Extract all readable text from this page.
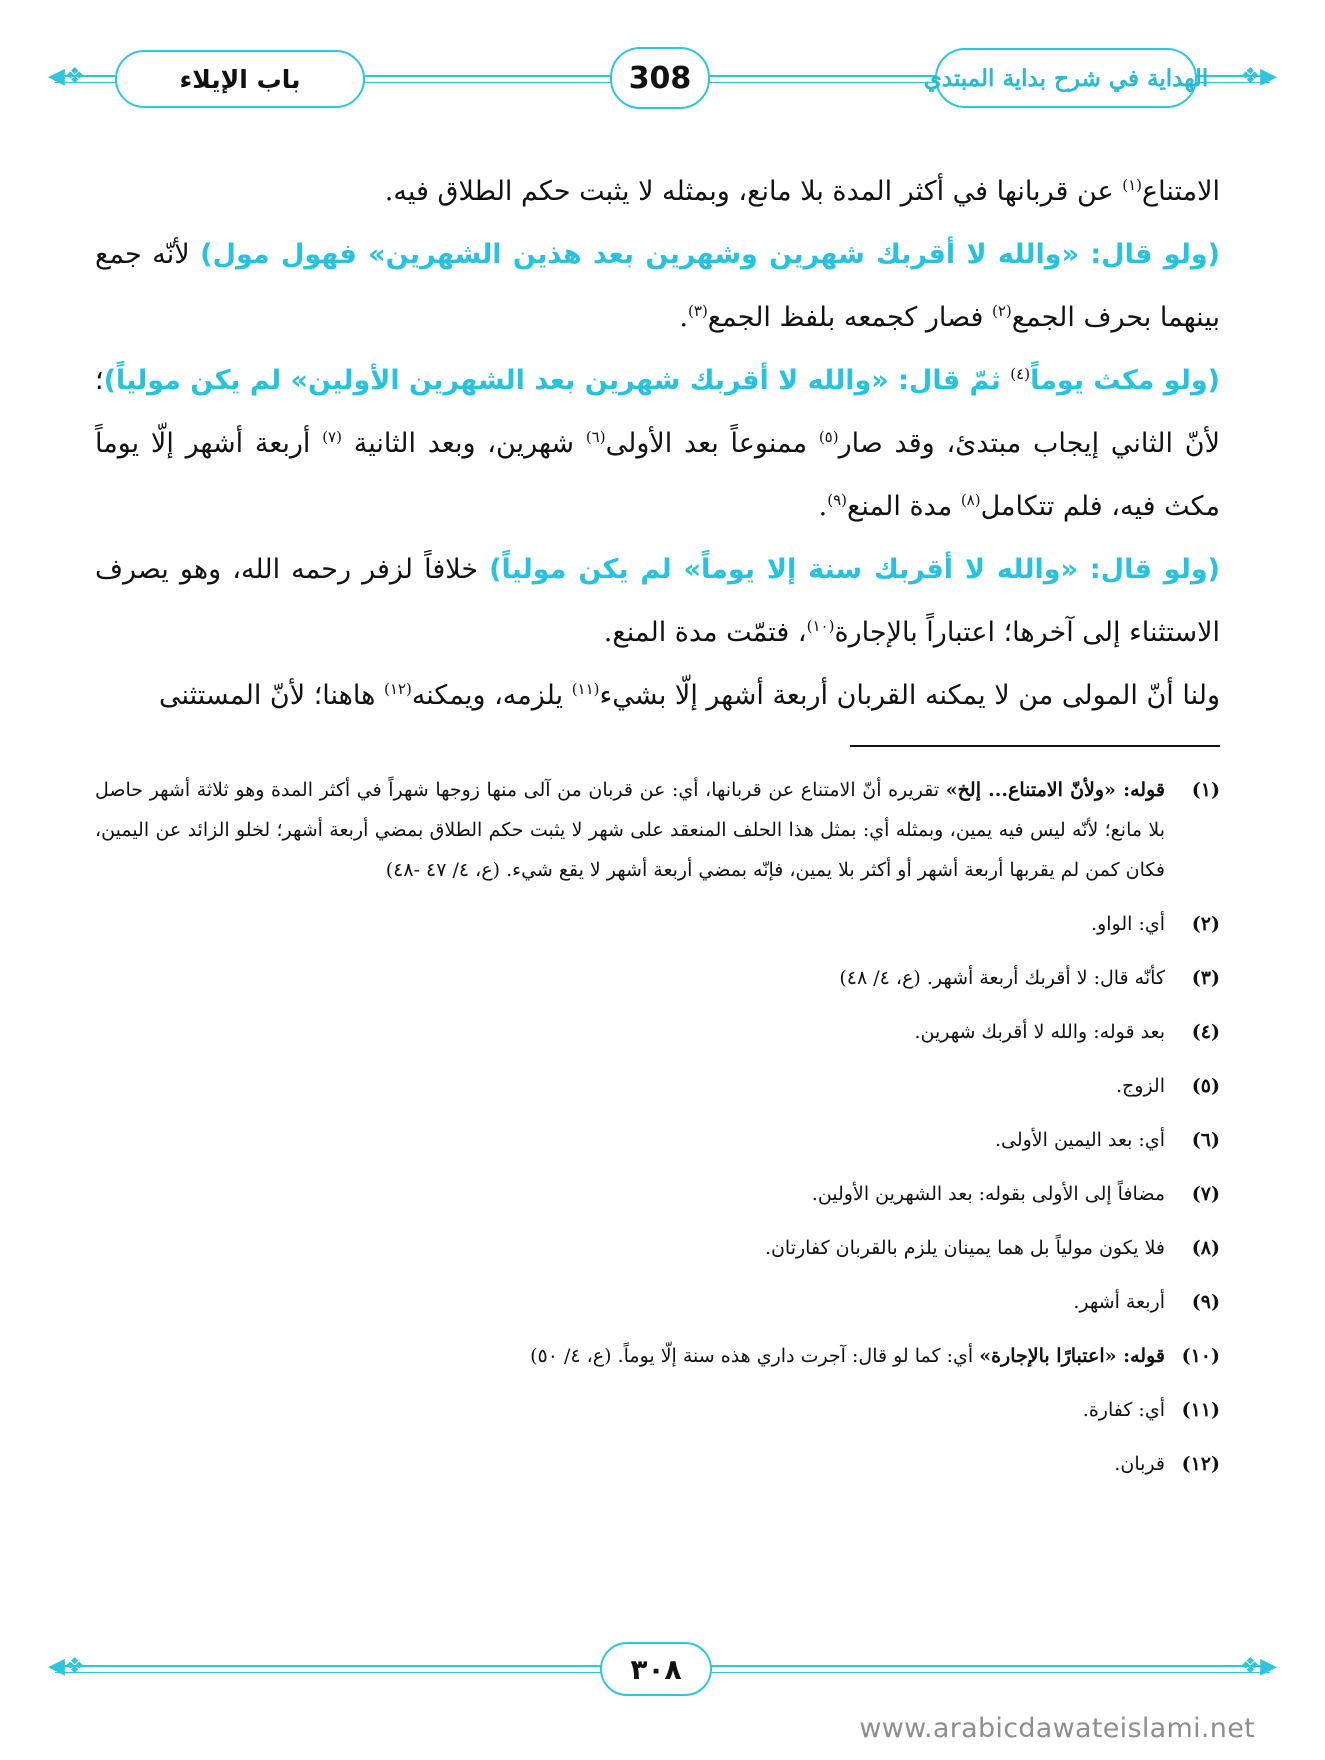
◀❖	❖▶
باب الإيلاء	308	الهداية في شرح بداية المبتدي

الامتناع$^{(١)}$ عن قربانها في أكثر المدة بلا مانع، وبمثله لا يثبت حكم الطلاق فيه.

(ولو قال: «والله لا أقربك شهرين وشهرين بعد هذين الشهرين» فهول مول) لأنّه جمع بينهما بحرف الجمع$^{(٢)}$ فصار كجمعه بلفظ الجمع$^{(٣)}$.

(ولو مكث يوماً$^{(٤)}$ ثمّ قال: «والله لا أقربك شهرين بعد الشهرين الأولين» لم يكن مولياً)؛ لأنّ الثاني إيجاب مبتدئ، وقد صار$^{(٥)}$ ممنوعاً بعد الأولى$^{(٦)}$ شهرين، وبعد الثانية $^{(٧)}$ أربعة أشهر إلّا يوماً مكث فيه، فلم تتكامل$^{(٨)}$ مدة المنع$^{(٩)}$.

(ولو قال: «والله لا أقربك سنة إلا يوماً» لم يكن مولياً) خلافاً لزفر رحمه الله، وهو يصرف الاستثناء إلى آخرها؛ اعتباراً بالإجارة$^{(١٠)}$، فتمّت مدة المنع.

ولنا أنّ المولى من لا يمكنه القربان أربعة أشهر إلّا بشيء$^{(١١)}$ يلزمه، ويمكنه$^{(١٢)}$ هاهنا؛ لأنّ المستثنى

(١)
قوله: «ولأنّ الامتناع... إلخ» تقريره أنّ الامتناع عن قربانها، أي: عن قربان من آلى منها زوجها شهراً في أكثر المدة وهو ثلاثة أشهر حاصل بلا مانع؛ لأنّه ليس فيه يمين، وبمثله أي: بمثل هذا الحلف المنعقد على شهر لا يثبت حكم الطلاق بمضي أربعة أشهر؛ لخلو الزائد عن اليمين، فكان كمن لم يقربها أربعة أشهر أو أكثر بلا يمين، فإنّه بمضي أربعة أشهر لا يقع شيء. (ع، ٤/ ٤٧ -٤٨)

(٢)
أي: الواو.

(٣)
كأنّه قال: لا أقربك أربعة أشهر. (ع، ٤/ ٤٨)

(٤)
بعد قوله: والله لا أقربك شهرين.

(٥)
الزوج.

(٦)
أي: بعد اليمين الأولى.

(٧)
مضافاً إلى الأولى بقوله: بعد الشهرين الأولين.

(٨)
فلا يكون مولياً بل هما يمينان يلزم بالقربان كفارتان.

(٩)
أربعة أشهر.

(١٠)
قوله: «اعتبارًا بالإجارة» أي: كما لو قال: آجرت داري هذه سنة إلّا يوماً. (ع، ٤/ ٥٠)

(١١)
أي: كفارة.

(١٢)
قربان.

◀❖	❖▶
٣٠٨
www.arabicdawateislami.net
